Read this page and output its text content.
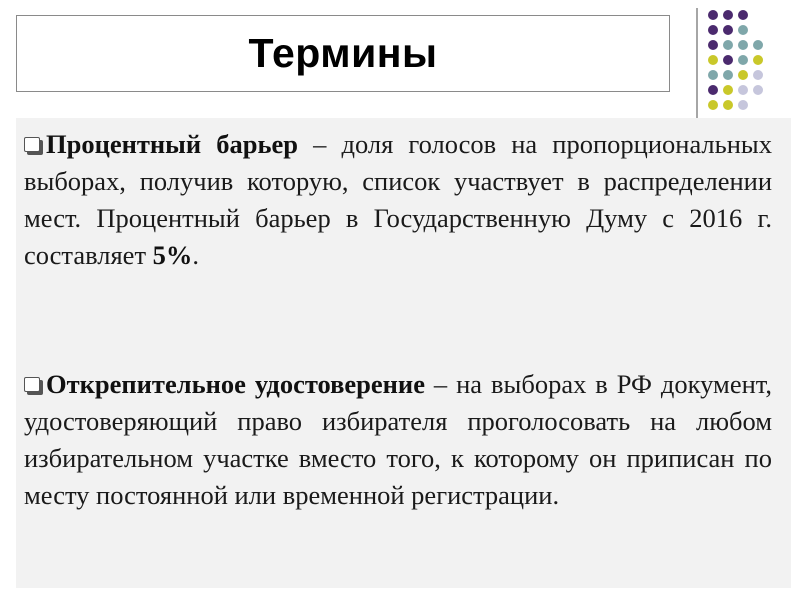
Термины
Процентный барьер – доля голосов на пропорциональных выборах, получив которую, список участвует в распределении мест. Процентный барьер в Государственную Думу с 2016 г. составляет 5%.
Открепительное удостоверение – на выборах в РФ документ, удостоверяющий право избирателя проголосовать на любом избирательном участке вместо того, к которому он приписан по месту постоянной или временной регистрации.
